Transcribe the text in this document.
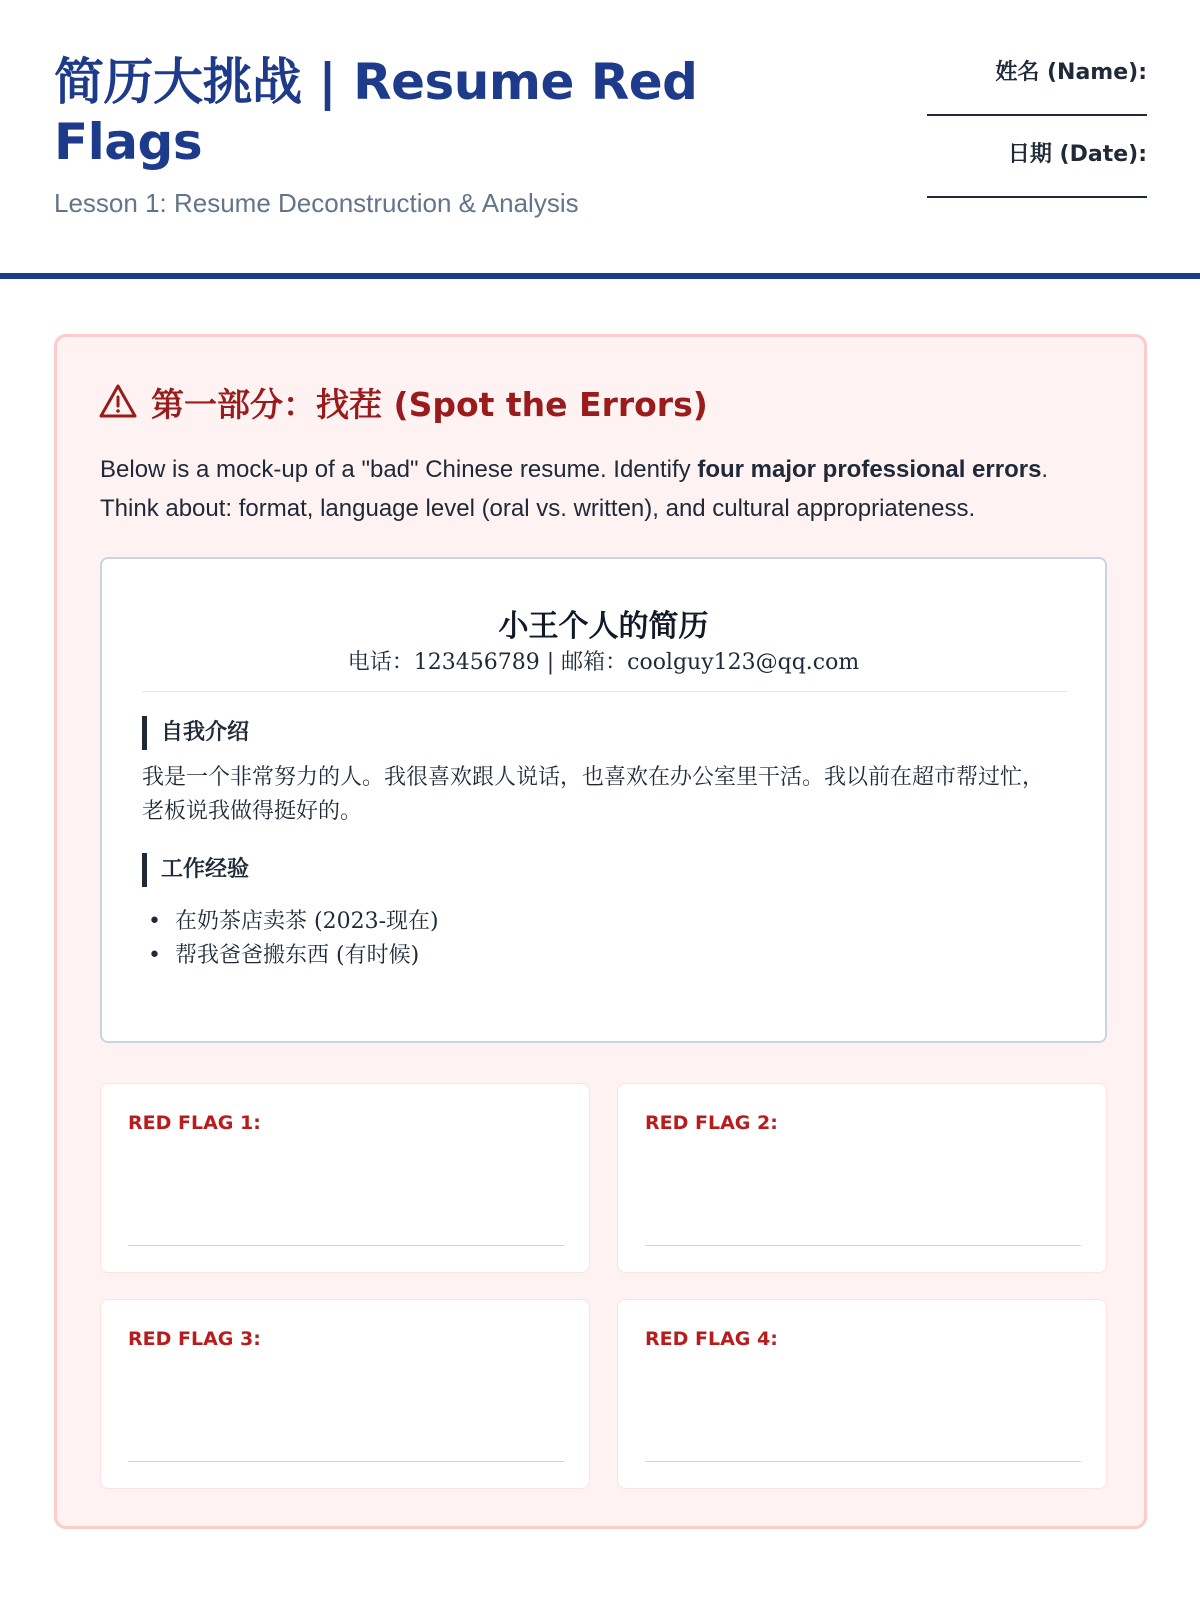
简历大挑战 | Resume Red Flags
Lesson 1: Resume Deconstruction & Analysis
姓名 (Name):
日期 (Date):
第一部分：找茬 (Spot the Errors)

Below is a mock-up of a "bad" Chinese resume. Identify four major professional errors. Think about: format, language level (oral vs. written), and cultural appropriateness.

小王个人的简历
电话：123456789 | 邮箱：coolguy123@qq.com
自我介绍
我是一个非常努力的人。我很喜欢跟人说话，也喜欢在办公室里干活。我以前在超市帮过忙，老板说我做得挺好的。
工作经验
• 在奶茶店卖茶 (2023-现在)
• 帮我爸爸搬东西 (有时候)
RED FLAG 1:	RED FLAG 2:
RED FLAG 3:	RED FLAG 4:
